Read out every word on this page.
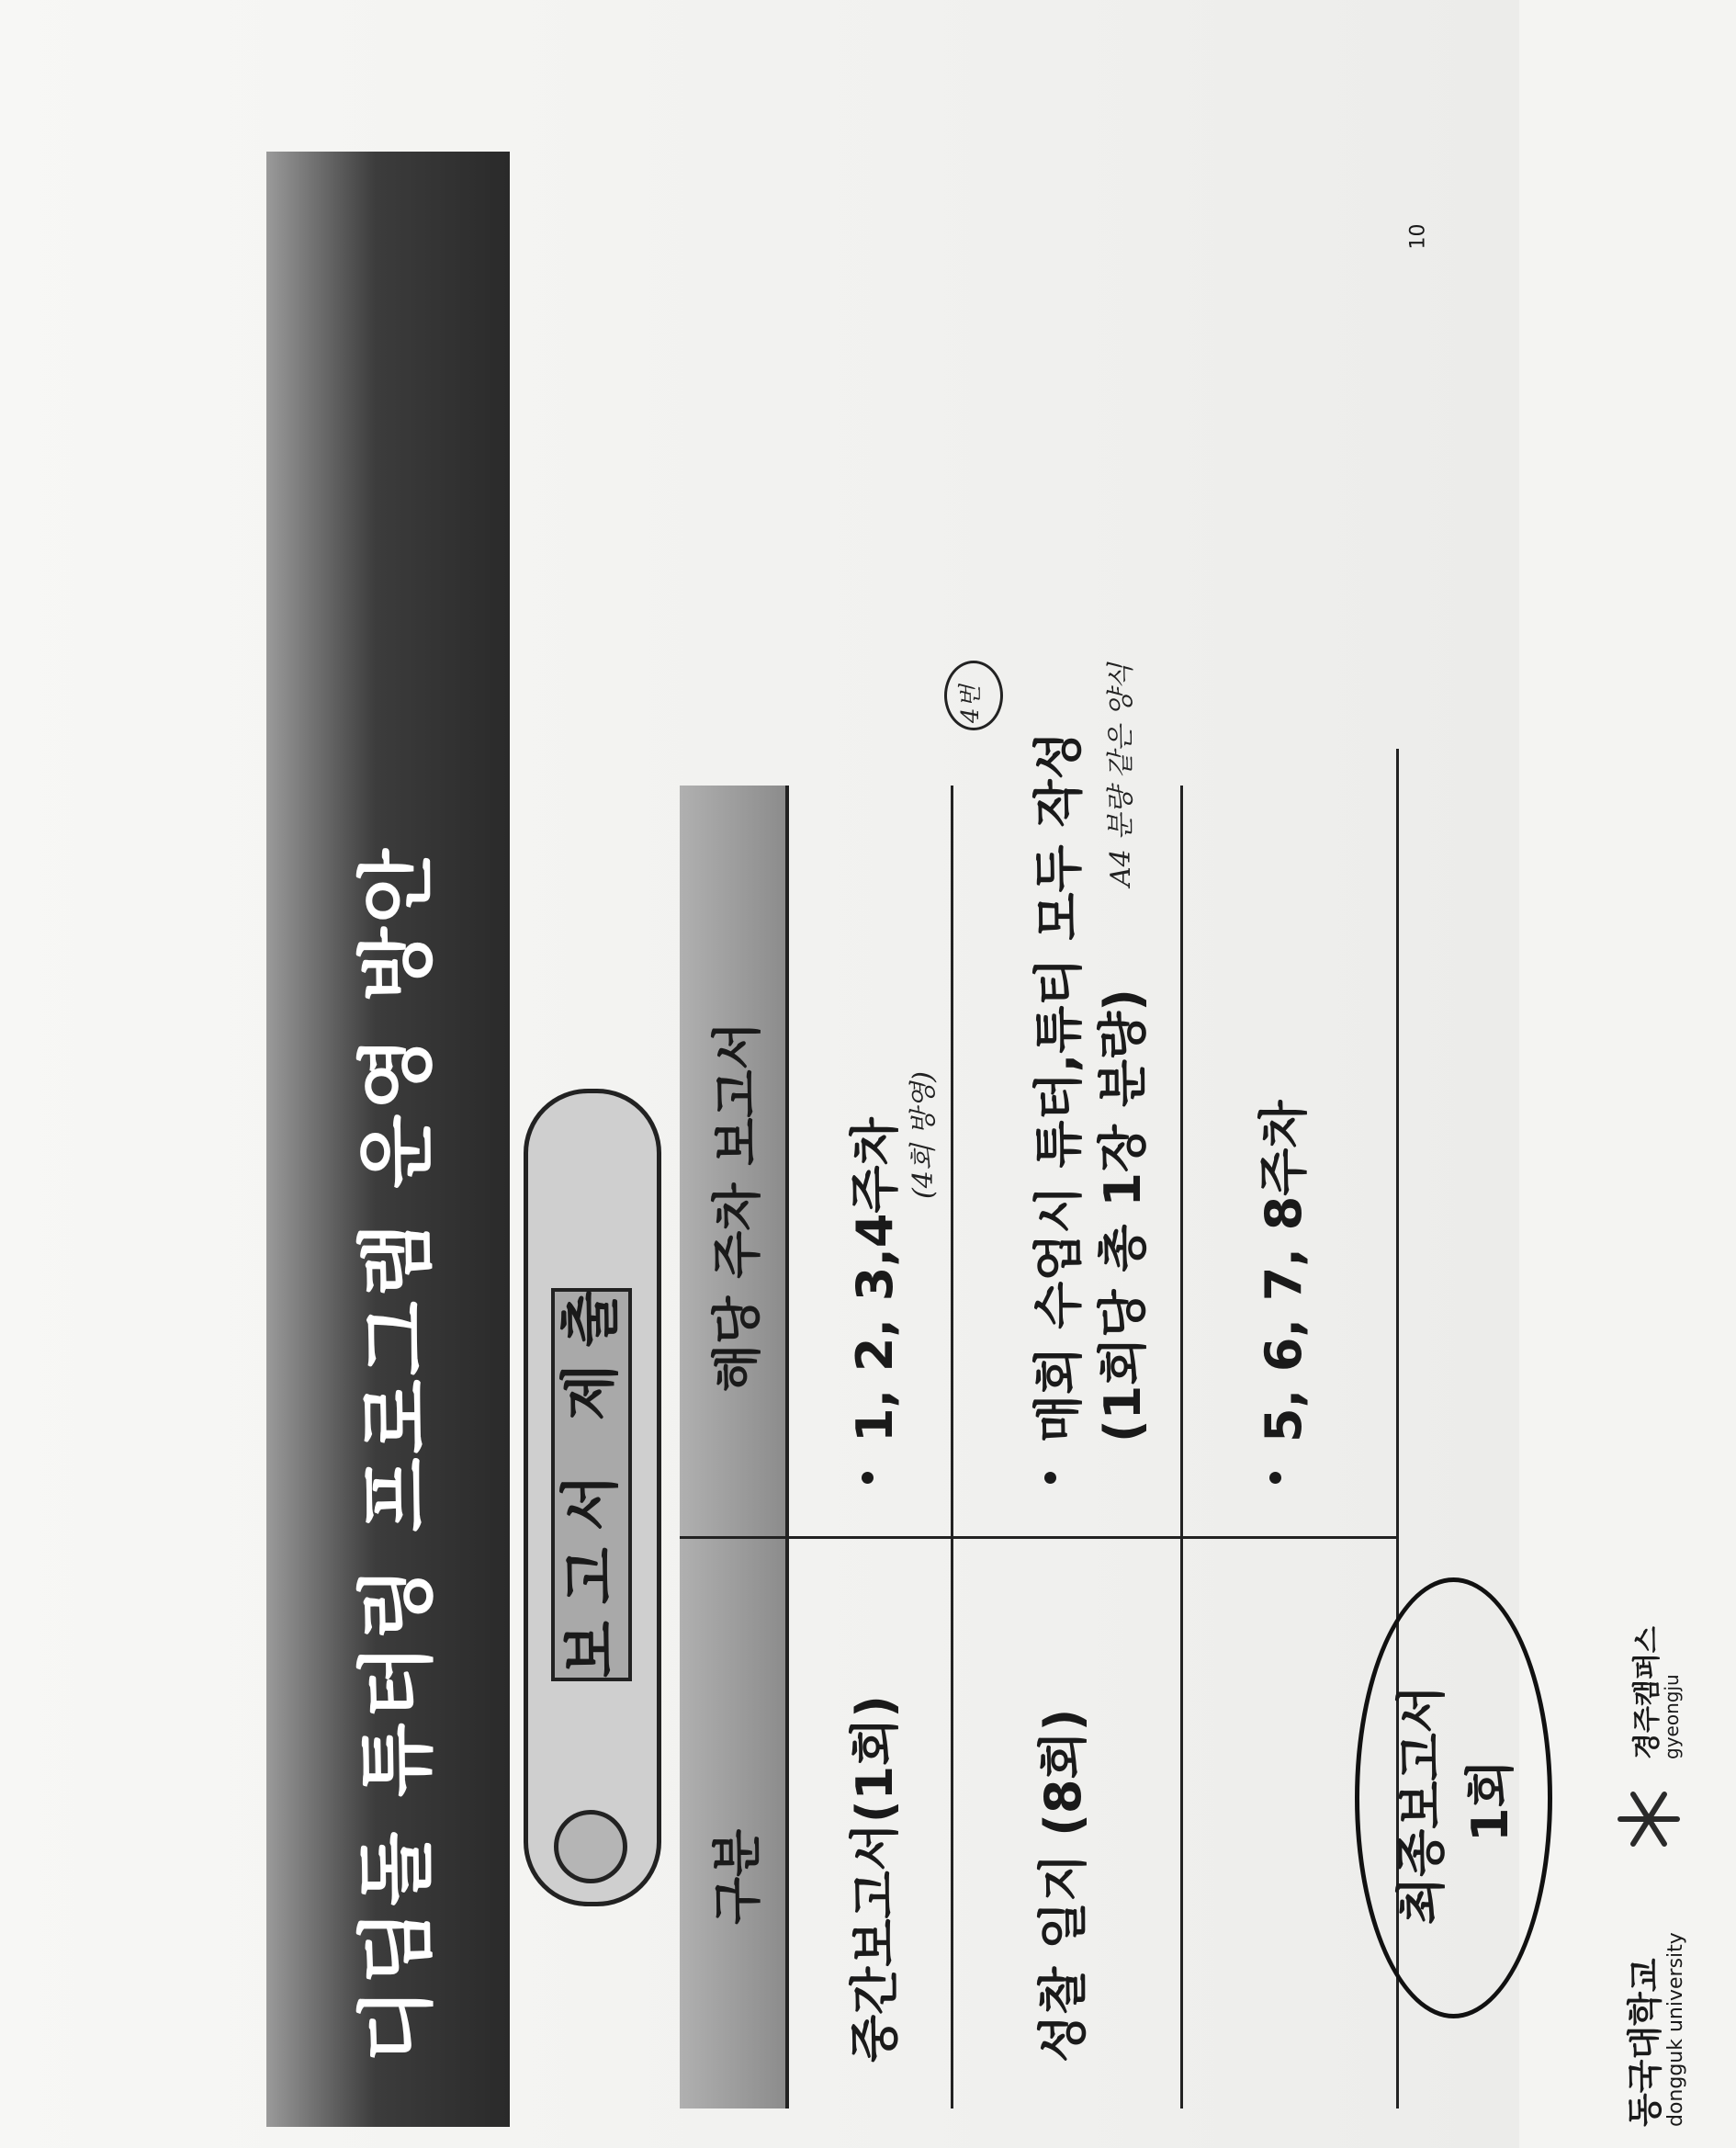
10
디딤돌 튜터링 프로그램 운영 방안 보고서 제출
구분
해당 주차 보고서
중간보고서(1회)
1, 2, 3,4주차 (4회 방영)
성찰 일지 (8회)
매회 수업시 튜터,튜티 모두 작성 (1회당 총 1장 분량)
A4 분량 같은 양식
4번
최종보고서 1회
5, 6, 7, 8주차
동국대학교 dongguk university
경주캠퍼스
gyeongju
